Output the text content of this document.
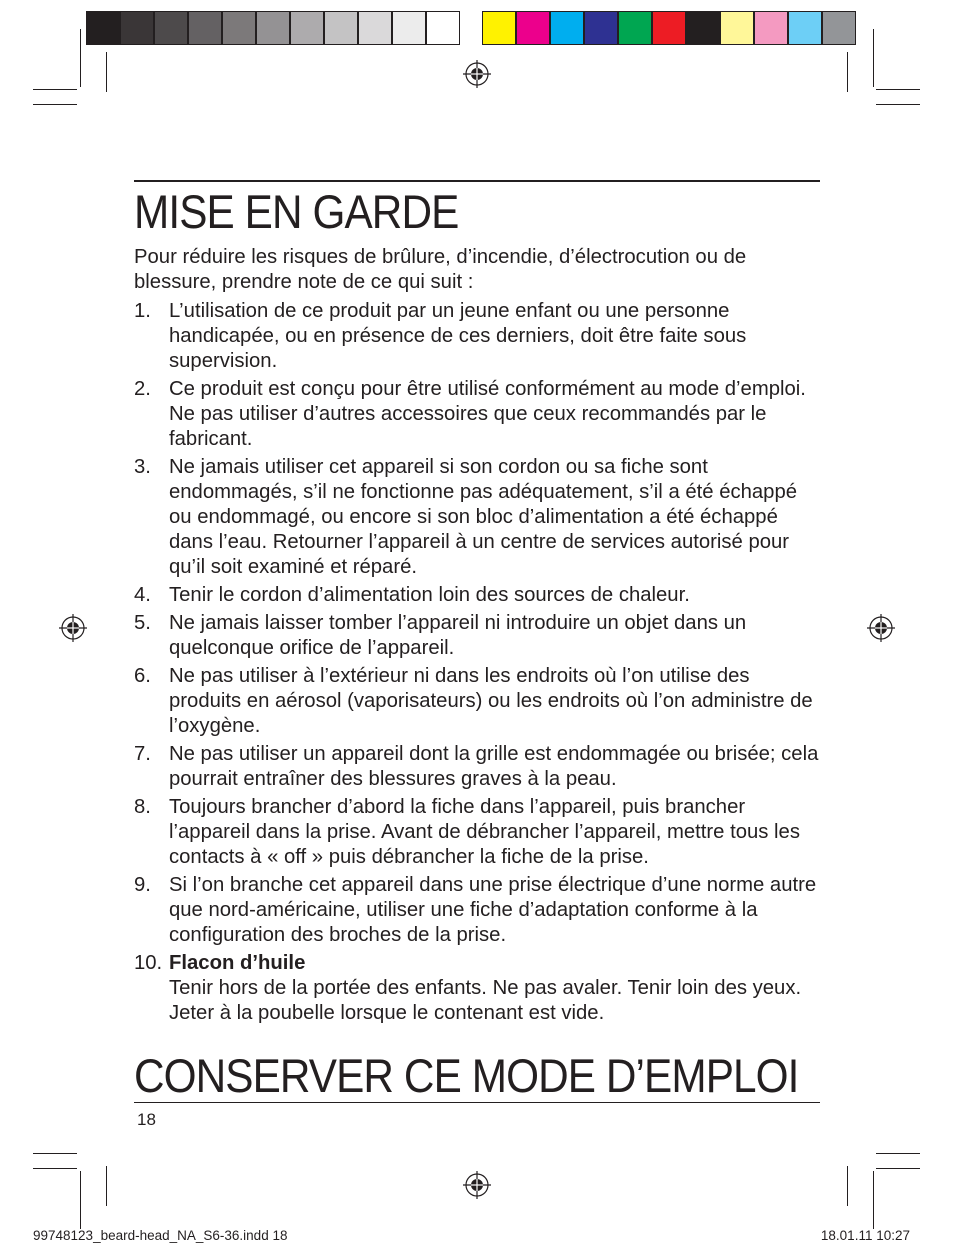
MISE EN GARDE
Pour réduire les risques de brûlure, d’incendie, d’électrocution ou de blessure, prendre note de ce qui suit :
1. L’utilisation de ce produit par un jeune enfant ou une personne handicapée, ou en présence de ces derniers, doit être faite sous supervision.
2. Ce produit est conçu pour être utilisé conformément au mode d’emploi. Ne pas utiliser d’autres accessoires que ceux recommandés par le fabricant.
3. Ne jamais utiliser cet appareil si son cordon ou sa fiche sont endommagés, s’il ne fonctionne pas adéquatement, s’il a été échappé ou endommagé, ou encore si son bloc d’alimentation a été échappé dans l’eau. Retourner l’appareil à un centre de services autorisé pour qu’il soit examiné et réparé.
4. Tenir le cordon d’alimentation loin des sources de chaleur.
5. Ne jamais laisser tomber l’appareil ni introduire un objet dans un quelconque orifice de l’appareil.
6. Ne pas utiliser à l’extérieur ni dans les endroits où l’on utilise des produits en aérosol (vaporisateurs) ou les endroits où l’on administre de l’oxygène.
7. Ne pas utiliser un appareil dont la grille est endommagée ou brisée; cela pourrait entraîner des blessures graves à la peau.
8. Toujours brancher d’abord la fiche dans l’appareil, puis brancher l’appareil dans la prise. Avant de débrancher l’appareil, mettre tous les contacts à « off » puis débrancher la fiche de la prise.
9. Si l’on branche cet appareil dans une prise électrique d’une norme autre que nord-américaine, utiliser une fiche d’adaptation conforme à la configuration des broches de la prise.
10. Flacon d’huile
Tenir hors de la portée des enfants. Ne pas avaler. Tenir loin des yeux. Jeter à la poubelle lorsque le contenant est vide.
CONSERVER CE MODE D’EMPLOI
18
99748123_beard-head_NA_S6-36.indd 18	18.01.11 10:27
